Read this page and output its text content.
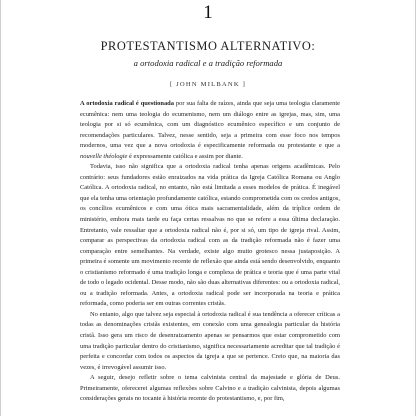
1
PROTESTANTISMO ALTERNATIVO:
a ortodoxia radical e a tradição reformada
[ JOHN MILBANK ]

A ortodoxia radical é questionada por sua falta de raízes, ainda que seja uma teologia claramente ecumênica: nem uma teologia do ecumenismo, nem um diálogo entre as igrejas, mas, sim, uma teologia por si só ecumênica, com um diagnóstico ecumênico específico e um conjunto de recomendações particulares. Talvez, nesse sentido, seja a primeira com esse foco nos tempos modernos, uma vez que a nova ortodoxia é especificamente reformada ou protestante e que a nouvelle théologie é expressamente católica e assim por diante.

Todavia, isso não significa que a ortodoxia radical tenha apenas origens acadêmicas. Pelo contrário: seus fundadores estão enraizados na vida prática da Igreja Católica Romana ou Anglo Católica. A ortodoxia radical, no entanto, não está limitada a esses modelos de prática. É inegável que ela tenha uma orientação profundamente católica, estando comprometida com os credos antigos, os concílios ecumênicos e com uma ótica mais sacramentalidade, além da tríplice ordem de ministério, embora mais tarde eu faça certas ressalvas no que se refere a essa última declaração. Entretanto, vale ressaltar que a ortodoxia radical não é, por si só, um tipo de igreja rival. Assim, comparar as perspectivas da ortodoxia radical com as da tradição reformada não é fazer uma comparação entre semelhantes. Na verdade, existe algo muito grotesco nessa justaposição. A primeira é somente um movimento recente de reflexão que ainda está sendo desenvolvido, enquanto o cristianismo reformado é uma tradição longa e complexa de prática e teoria que é uma parte vital de todo o legado ocidental. Desse modo, não são duas alternativas diferentes: ou a ortodoxia radical, ou a tradição reformada. Antes, a ortodoxia radical pode ser incorporada na teoria e prática reformada, como poderia ser em outras correntes cristãs.

No entanto, algo que talvez seja especial à ortodoxia radical é sua tendência a oferecer críticas a todas as denominações cristãs existentes, em conexão com uma genealogia particular da história cristã. Isso gera um risco de desenraizamento apenas se pensarmos que estar comprometido com uma tradição particular dentro do cristianismo, significa necessariamente acreditar que tal tradição é perfeita e concordar com todos os aspectos da igreja a que se pertence. Creio que, na maioria das vezes, é irrevogável assumir isso.

A seguir, desejo refletir sobre o tema calvinista central da majestade e glória de Deus. Primeiramente, oferecerei algumas reflexões sobre Calvino e a tradição calvinista, depois algumas considerações gerais no tocante à história recente do protestantismo, e, por fim,
